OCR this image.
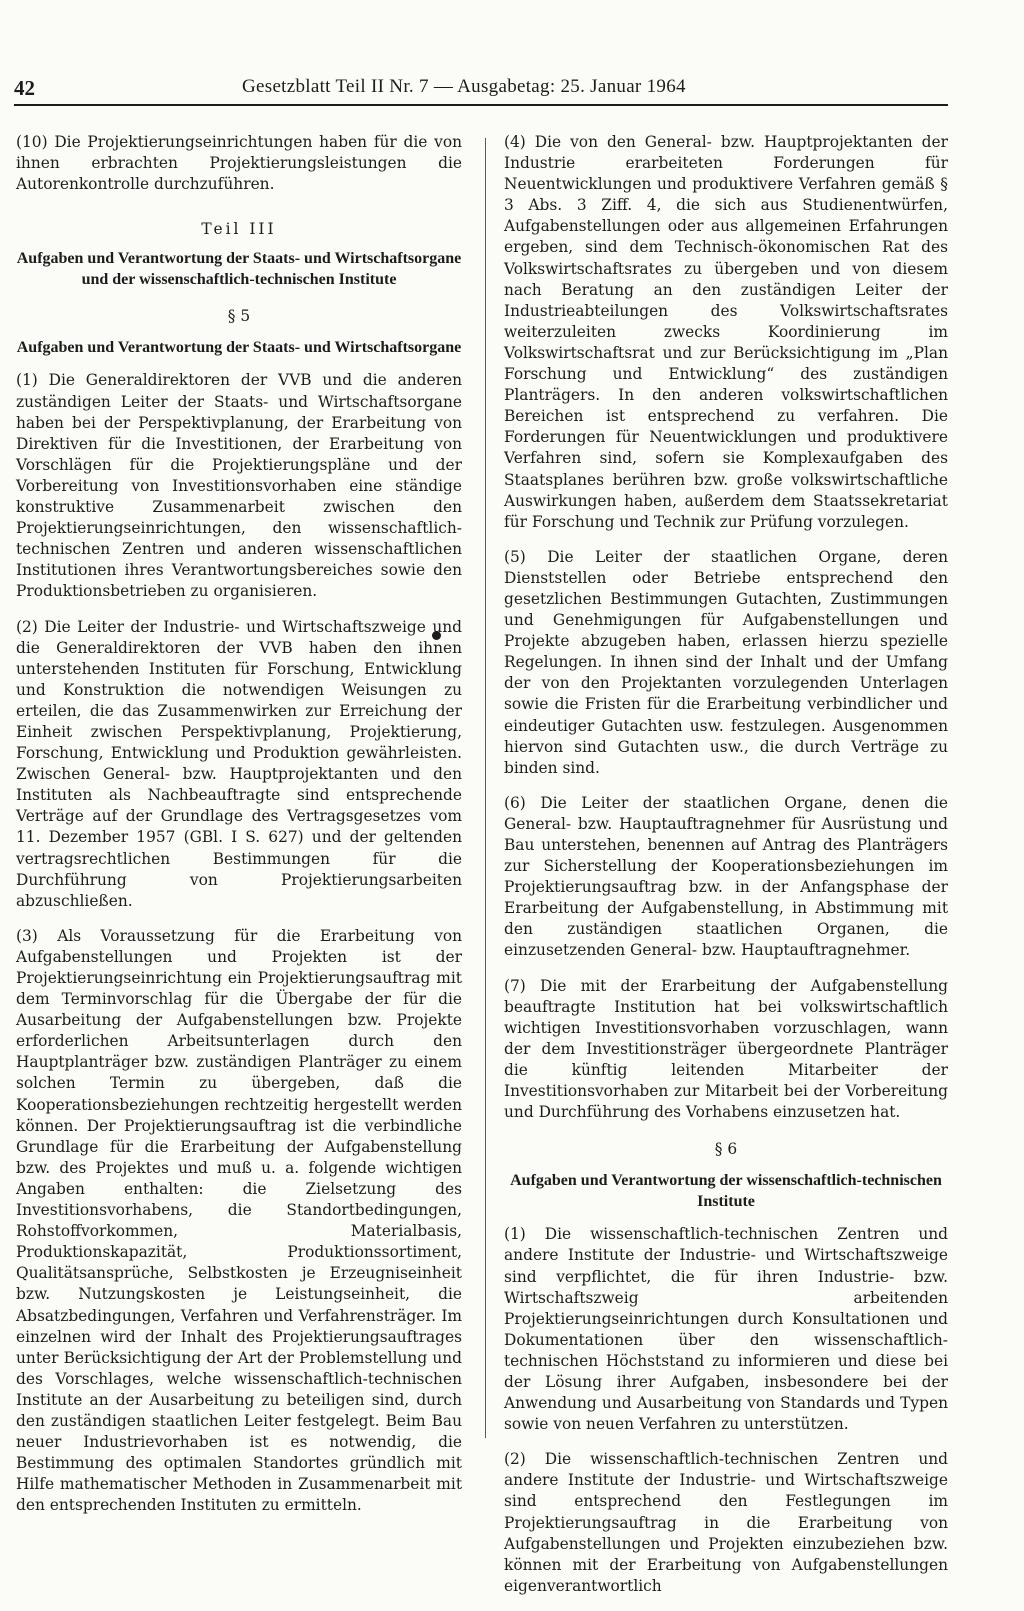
42	Gesetzblatt Teil II Nr. 7 — Ausgabetag: 25. Januar 1964

(10) Die Projektierungseinrichtungen haben für die von ihnen erbrachten Projektierungsleistungen die Autorenkontrolle durchzuführen.

Teil III

Aufgaben und Verantwortung der Staats- und Wirtschaftsorgane und der wissenschaftlich-technischen Institute

§ 5

Aufgaben und Verantwortung der Staats- und Wirtschaftsorgane

(1) Die Generaldirektoren der VVB und die anderen zuständigen Leiter der Staats- und Wirtschaftsorgane haben bei der Perspektivplanung, der Erarbeitung von Direktiven für die Investitionen, der Erarbeitung von Vorschlägen für die Projektierungspläne und der Vorbereitung von Investitionsvorhaben eine ständige konstruktive Zusammenarbeit zwischen den Projektierungseinrichtungen, den wissenschaftlich-technischen Zentren und anderen wissenschaftlichen Institutionen ihres Verantwortungsbereiches sowie den Produktionsbetrieben zu organisieren.

(2) Die Leiter der Industrie- und Wirtschaftszweige und die Generaldirektoren der VVB haben den ihnen unterstehenden Instituten für Forschung, Entwicklung und Konstruktion die notwendigen Weisungen zu erteilen, die das Zusammenwirken zur Erreichung der Einheit zwischen Perspektivplanung, Projektierung, Forschung, Entwicklung und Produktion gewährleisten. Zwischen General- bzw. Hauptprojektanten und den Instituten als Nachbeauftragte sind entsprechende Verträge auf der Grundlage des Vertragsgesetzes vom 11. Dezember 1957 (GBl. I S. 627) und der geltenden vertragsrechtlichen Bestimmungen für die Durchführung von Projektierungsarbeiten abzuschließen.

(3) Als Voraussetzung für die Erarbeitung von Aufgabenstellungen und Projekten ist der Projektierungseinrichtung ein Projektierungsauftrag mit dem Terminvorschlag für die Übergabe der für die Ausarbeitung der Aufgabenstellungen bzw. Projekte erforderlichen Arbeitsunterlagen durch den Hauptplanträger bzw. zuständigen Planträger zu einem solchen Termin zu übergeben, daß die Kooperationsbeziehungen rechtzeitig hergestellt werden können. Der Projektierungsauftrag ist die verbindliche Grundlage für die Erarbeitung der Aufgabenstellung bzw. des Projektes und muß u. a. folgende wichtigen Angaben enthalten: die Zielsetzung des Investitionsvorhabens, die Standortbedingungen, Rohstoffvorkommen, Materialbasis, Produktionskapazität, Produktionssortiment, Qualitätsansprüche, Selbstkosten je Erzeugniseinheit bzw. Nutzungskosten je Leistungseinheit, die Absatzbedingungen, Verfahren und Verfahrensträger. Im einzelnen wird der Inhalt des Projektierungsauftrages unter Berücksichtigung der Art der Problemstellung und des Vorschlages, welche wissenschaftlich-technischen Institute an der Ausarbeitung zu beteiligen sind, durch den zuständigen staatlichen Leiter festgelegt. Beim Bau neuer Industrievorhaben ist es notwendig, die Bestimmung des optimalen Standortes gründlich mit Hilfe mathematischer Methoden in Zusammenarbeit mit den entsprechenden Instituten zu ermitteln.

(4) Die von den General- bzw. Hauptprojektanten der Industrie erarbeiteten Forderungen für Neuentwicklungen und produktivere Verfahren gemäß § 3 Abs. 3 Ziff. 4, die sich aus Studienentwürfen, Aufgabenstellungen oder aus allgemeinen Erfahrungen ergeben, sind dem Technisch-ökonomischen Rat des Volkswirtschaftsrates zu übergeben und von diesem nach Beratung an den zuständigen Leiter der Industrieabteilungen des Volkswirtschaftsrates weiterzuleiten zwecks Koordinierung im Volkswirtschaftsrat und zur Berücksichtigung im „Plan Forschung und Entwicklung“ des zuständigen Planträgers. In den anderen volkswirtschaftlichen Bereichen ist entsprechend zu verfahren. Die Forderungen für Neuentwicklungen und produktivere Verfahren sind, sofern sie Komplexaufgaben des Staatsplanes berühren bzw. große volkswirtschaftliche Auswirkungen haben, außerdem dem Staatssekretariat für Forschung und Technik zur Prüfung vorzulegen.

(5) Die Leiter der staatlichen Organe, deren Dienststellen oder Betriebe entsprechend den gesetzlichen Bestimmungen Gutachten, Zustimmungen und Genehmigungen für Aufgabenstellungen und Projekte abzugeben haben, erlassen hierzu spezielle Regelungen. In ihnen sind der Inhalt und der Umfang der von den Projektanten vorzulegenden Unterlagen sowie die Fristen für die Erarbeitung verbindlicher und eindeutiger Gutachten usw. festzulegen. Ausgenommen hiervon sind Gutachten usw., die durch Verträge zu binden sind.

(6) Die Leiter der staatlichen Organe, denen die General- bzw. Hauptauftragnehmer für Ausrüstung und Bau unterstehen, benennen auf Antrag des Planträgers zur Sicherstellung der Kooperationsbeziehungen im Projektierungsauftrag bzw. in der Anfangsphase der Erarbeitung der Aufgabenstellung, in Abstimmung mit den zuständigen staatlichen Organen, die einzusetzenden General- bzw. Hauptauftragnehmer.

(7) Die mit der Erarbeitung der Aufgabenstellung beauftragte Institution hat bei volkswirtschaftlich wichtigen Investitionsvorhaben vorzuschlagen, wann der dem Investitionsträger übergeordnete Planträger die künftig leitenden Mitarbeiter der Investitionsvorhaben zur Mitarbeit bei der Vorbereitung und Durchführung des Vorhabens einzusetzen hat.

§ 6

Aufgaben und Verantwortung der wissenschaftlich-technischen Institute

(1) Die wissenschaftlich-technischen Zentren und andere Institute der Industrie- und Wirtschaftszweige sind verpflichtet, die für ihren Industrie- bzw. Wirtschaftszweig arbeitenden Projektierungseinrichtungen durch Konsultationen und Dokumentationen über den wissenschaftlich-technischen Höchststand zu informieren und diese bei der Lösung ihrer Aufgaben, insbesondere bei der Anwendung und Ausarbeitung von Standards und Typen sowie von neuen Verfahren zu unterstützen.

(2) Die wissenschaftlich-technischen Zentren und andere Institute der Industrie- und Wirtschaftszweige sind entsprechend den Festlegungen im Projektierungsauftrag in die Erarbeitung von Aufgabenstellungen und Projekten einzubeziehen bzw. können mit der Erarbeitung von Aufgabenstellungen eigenverantwortlich
